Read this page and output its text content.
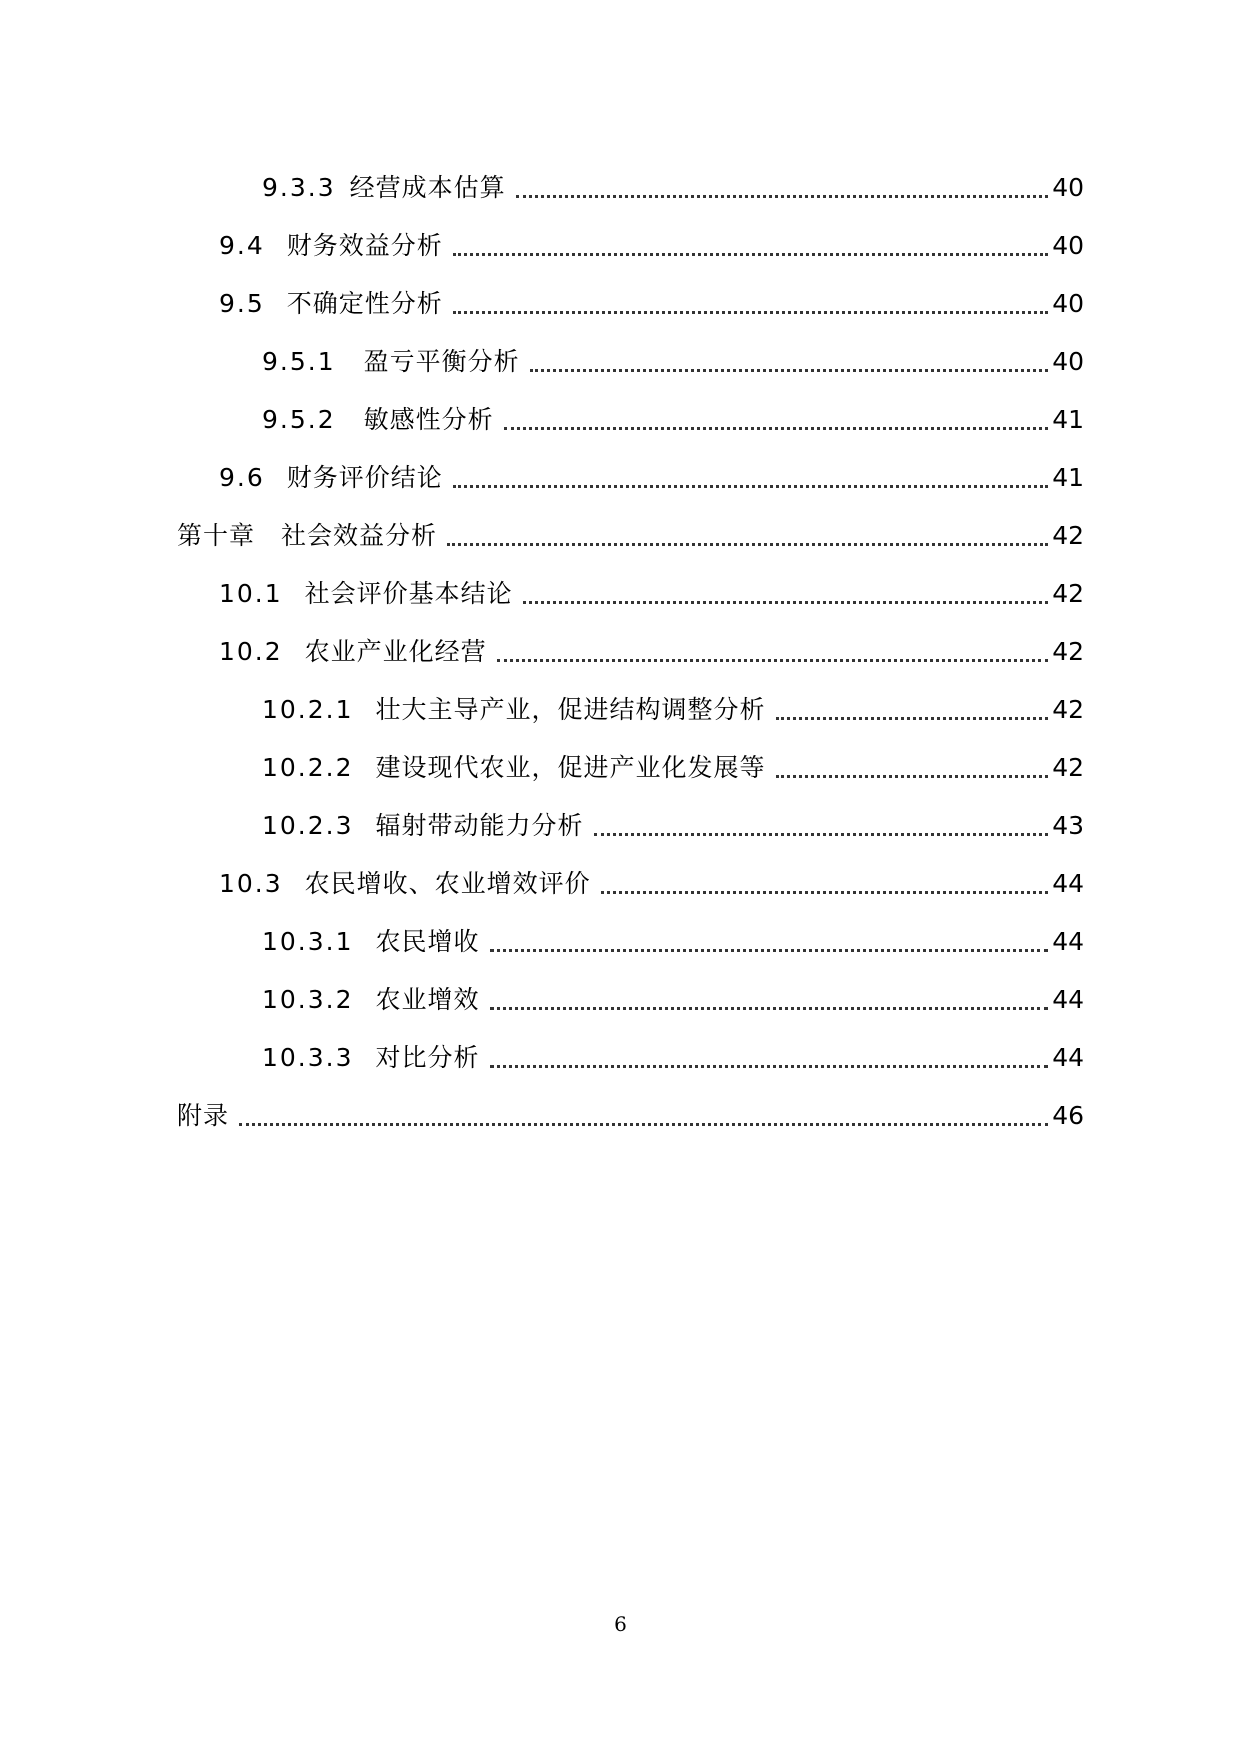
9.3.3 经营成本估算	40
9.4 财务效益分析	40
9.5 不确定性分析	40
9.5.1 盈亏平衡分析	40
9.5.2 敏感性分析	41
9.6 财务评价结论	41
第十章 社会效益分析	42
10.1 社会评价基本结论	42
10.2 农业产业化经营	42
10.2.1 壮大主导产业，促进结构调整分析	42
10.2.2 建设现代农业，促进产业化发展等	42
10.2.3 辐射带动能力分析	43
10.3 农民增收、农业增效评价	44
10.3.1 农民增收	44
10.3.2 农业增效	44
10.3.3 对比分析	44
附录	46
6
